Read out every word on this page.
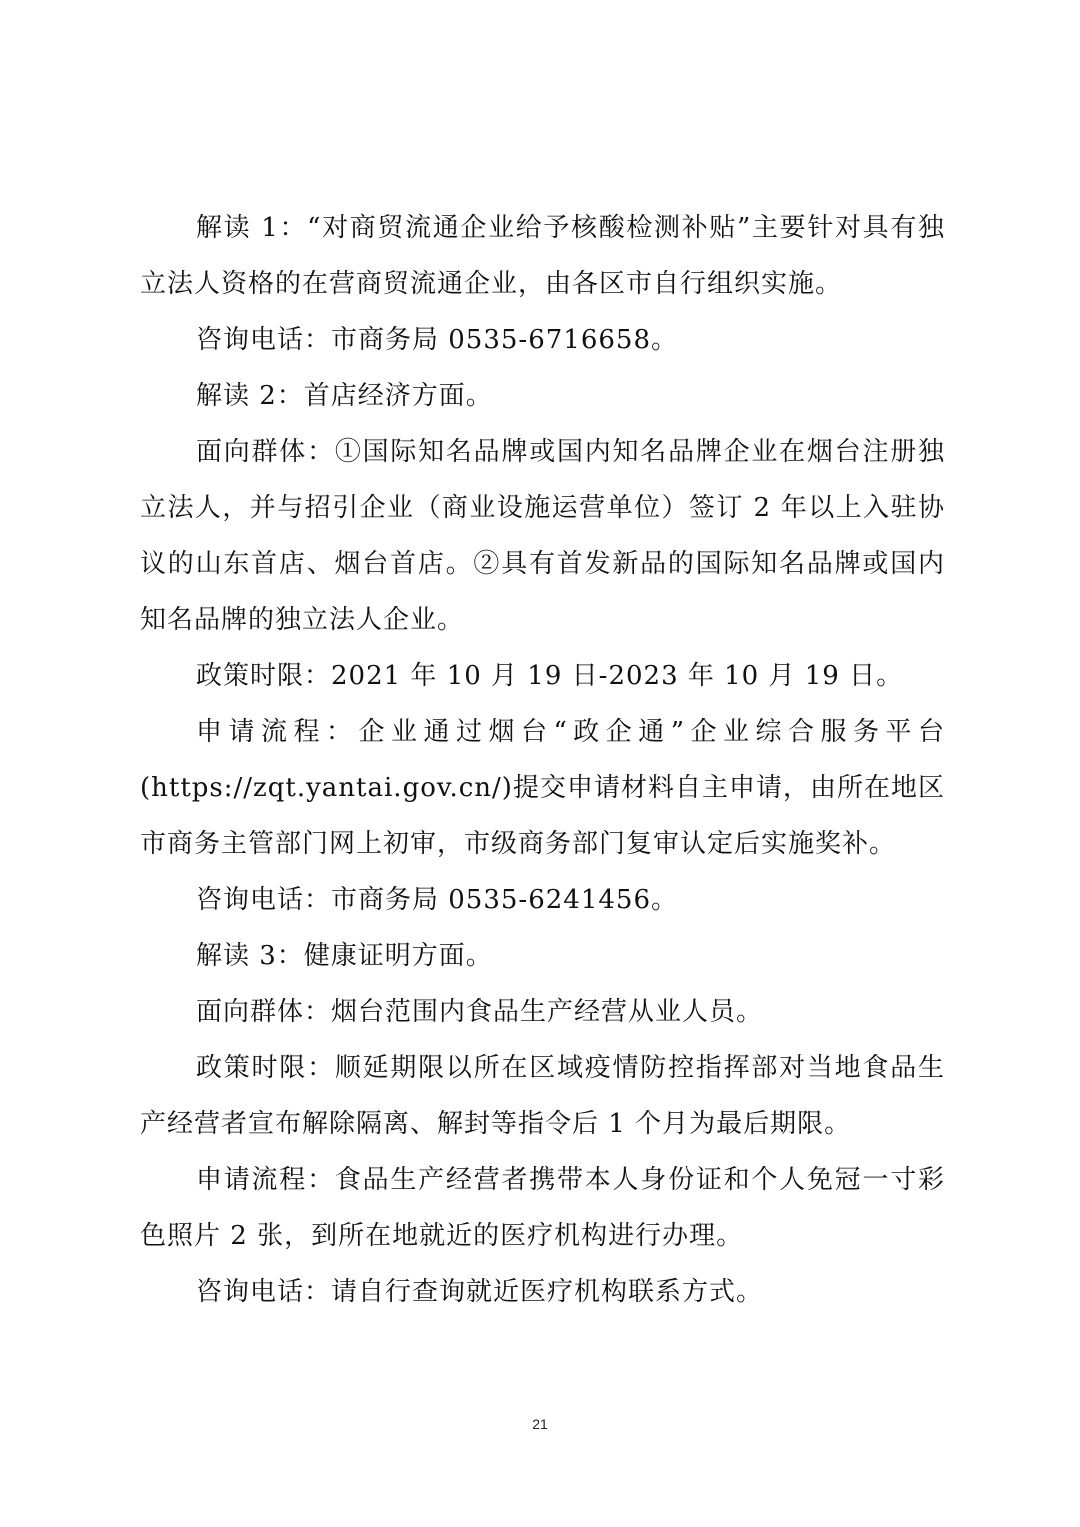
解读 1：“对商贸流通企业给予核酸检测补贴”主要针对具有独立法人资格的在营商贸流通企业，由各区市自行组织实施。

咨询电话：市商务局 0535-6716658。

解读 2：首店经济方面。

面向群体：①国际知名品牌或国内知名品牌企业在烟台注册独立法人，并与招引企业（商业设施运营单位）签订 2 年以上入驻协议的山东首店、烟台首店。②具有首发新品的国际知名品牌或国内知名品牌的独立法人企业。

政策时限：2021 年 10 月 19 日-2023 年 10 月 19 日。

申请流程：企业通过烟台“政企通”企业综合服务平台(https://zqt.yantai.gov.cn/)提交申请材料自主申请，由所在地区市商务主管部门网上初审，市级商务部门复审认定后实施奖补。

咨询电话：市商务局 0535-6241456。

解读 3：健康证明方面。

面向群体：烟台范围内食品生产经营从业人员。

政策时限：顺延期限以所在区域疫情防控指挥部对当地食品生产经营者宣布解除隔离、解封等指令后 1 个月为最后期限。

申请流程：食品生产经营者携带本人身份证和个人免冠一寸彩色照片 2 张，到所在地就近的医疗机构进行办理。

咨询电话：请自行查询就近医疗机构联系方式。

21
